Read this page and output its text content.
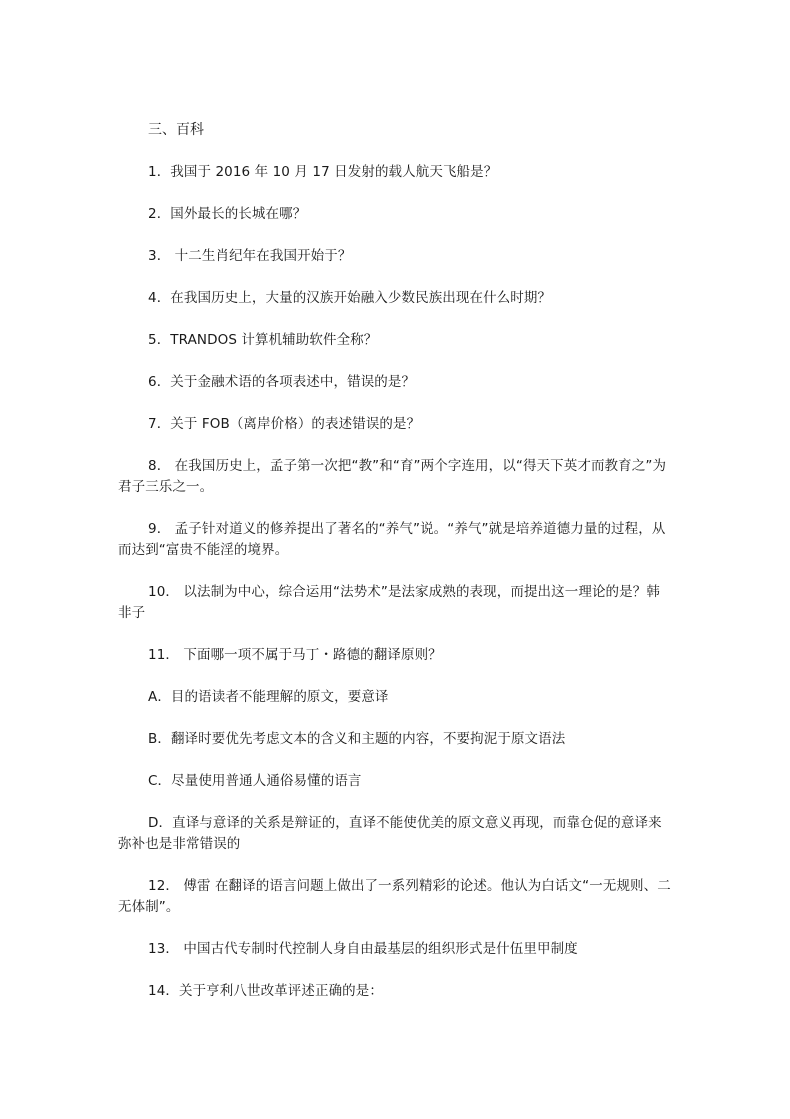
三、百科
1．我国于 2016 年 10 月 17 日发射的载人航天飞船是？
2．国外最长的长城在哪？
3． 十二生肖纪年在我国开始于？
4．在我国历史上，大量的汉族开始融入少数民族出现在什么时期？
5．TRANDOS 计算机辅助软件全称？
6．关于金融术语的各项表述中，错误的是？
7．关于 FOB（离岸价格）的表述错误的是？
8． 在我国历史上，孟子第一次把“教”和“育”两个字连用，以“得天下英才而教育之”为君子三乐之一。
9． 孟子针对道义的修养提出了著名的“养气”说。“养气”就是培养道德力量的过程，从而达到“富贵不能淫的境界。
10． 以法制为中心，综合运用“法势术”是法家成熟的表现，而提出这一理论的是？韩非子
11． 下面哪一项不属于马丁・路德的翻译原则？
A．目的语读者不能理解的原文，要意译
B．翻译时要优先考虑文本的含义和主题的内容，不要拘泥于原文语法
C．尽量使用普通人通俗易懂的语言
D．直译与意译的关系是辩证的，直译不能使优美的原文意义再现，而靠仓促的意译来弥补也是非常错误的
12． 傅雷 在翻译的语言问题上做出了一系列精彩的论述。他认为白话文“一无规则、二无体制”。
13． 中国古代专制时代控制人身自由最基层的组织形式是什伍里甲制度
14．关于亨利八世改革评述正确的是：
